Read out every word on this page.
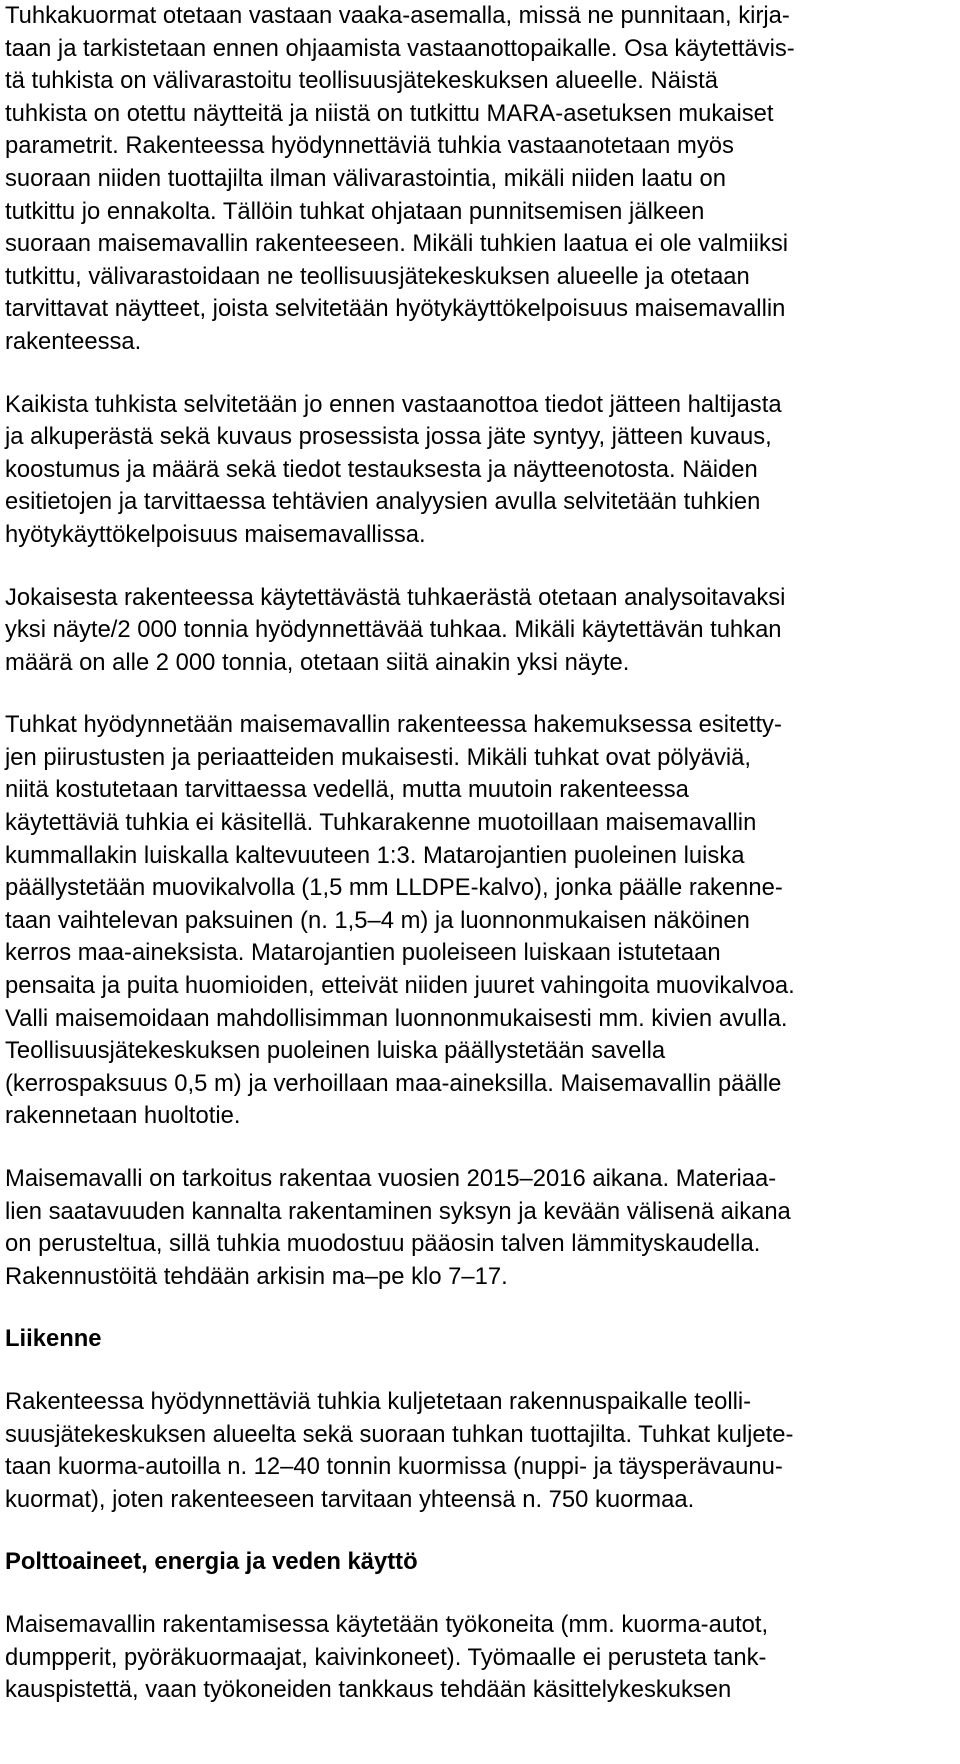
Tuhkakuormat otetaan vastaan vaaka-asemalla, missä ne punnitaan, kirja-
taan ja tarkistetaan ennen ohjaamista vastaanottopaikalle. Osa käytettävis-
tä tuhkista on välivarastoitu teollisuusjätekeskuksen alueelle. Näistä
tuhkista on otettu näytteitä ja niistä on tutkittu MARA-asetuksen mukaiset
parametrit. Rakenteessa hyödynnettäviä tuhkia vastaanotetaan myös
suoraan niiden tuottajilta ilman välivarastointia, mikäli niiden laatu on
tutkittu jo ennakolta. Tällöin tuhkat ohjataan punnitsemisen jälkeen
suoraan maisemavallin rakenteeseen. Mikäli tuhkien laatua ei ole valmiiksi
tutkittu, välivarastoidaan ne teollisuusjätekeskuksen alueelle ja otetaan
tarvittavat näytteet, joista selvitetään hyötykäyttökelpoisuus maisemavallin
rakenteessa.
Kaikista tuhkista selvitetään jo ennen vastaanottoa tiedot jätteen haltijasta
ja alkuperästä sekä kuvaus prosessista jossa jäte syntyy, jätteen kuvaus,
koostumus ja määrä sekä tiedot testauksesta ja näytteenotosta. Näiden
esitietojen ja tarvittaessa tehtävien analyysien avulla selvitetään tuhkien
hyötykäyttökelpoisuus maisemavallissa.
Jokaisesta rakenteessa käytettävästä tuhkaerästä otetaan analysoitavaksi
yksi näyte/2 000 tonnia hyödynnettävää tuhkaa. Mikäli käytettävän tuhkan
määrä on alle 2 000 tonnia, otetaan siitä ainakin yksi näyte.
Tuhkat hyödynnetään maisemavallin rakenteessa hakemuksessa esitetty-
jen piirustusten ja periaatteiden mukaisesti. Mikäli tuhkat ovat pölyäviä,
niitä kostutetaan tarvittaessa vedellä, mutta muutoin rakenteessa
käytettäviä tuhkia ei käsitellä. Tuhkarakenne muotoillaan maisemavallin
kummallakin luiskalla kaltevuuteen 1:3. Matarojantien puoleinen luiska
päällystetään muovikalvolla (1,5 mm LLDPE-kalvo), jonka päälle rakenne-
taan vaihtelevan paksuinen (n. 1,5–4 m) ja luonnonmukaisen näköinen
kerros maa-aineksista. Matarojantien puoleiseen luiskaan istutetaan
pensaita ja puita huomioiden, etteivät niiden juuret vahingoita muovikalvoa.
Valli maisemoidaan mahdollisimman luonnonmukaisesti mm. kivien avulla.
Teollisuusjätekeskuksen puoleinen luiska päällystetään savella
(kerrospaksuus 0,5 m) ja verhoillaan maa-aineksilla. Maisemavallin päälle
rakennetaan huoltotie.
Maisemavalli on tarkoitus rakentaa vuosien 2015–2016 aikana. Materiaa-
lien saatavuuden kannalta rakentaminen syksyn ja kevään välisenä aikana
on perusteltua, sillä tuhkia muodostuu pääosin talven lämmityskaudella.
Rakennustöitä tehdään arkisin ma–pe klo 7–17.
Liikenne
Rakenteessa hyödynnettäviä tuhkia kuljetetaan rakennuspaikalle teolli-
suusjätekeskuksen alueelta sekä suoraan tuhkan tuottajilta. Tuhkat kuljete-
taan kuorma-autoilla n. 12–40 tonnin kuormissa (nuppi- ja täysperävaunu-
kuormat), joten rakenteeseen tarvitaan yhteensä n. 750 kuormaa.
Polttoaineet, energia ja veden käyttö
Maisemavallin rakentamisessa käytetään työkoneita (mm. kuorma-autot,
dumpperit, pyöräkuormaajat, kaivinkoneet). Työmaalle ei perusteta tank-
kauspistettä, vaan työkoneiden tankkaus tehdään käsittelykeskuksen
